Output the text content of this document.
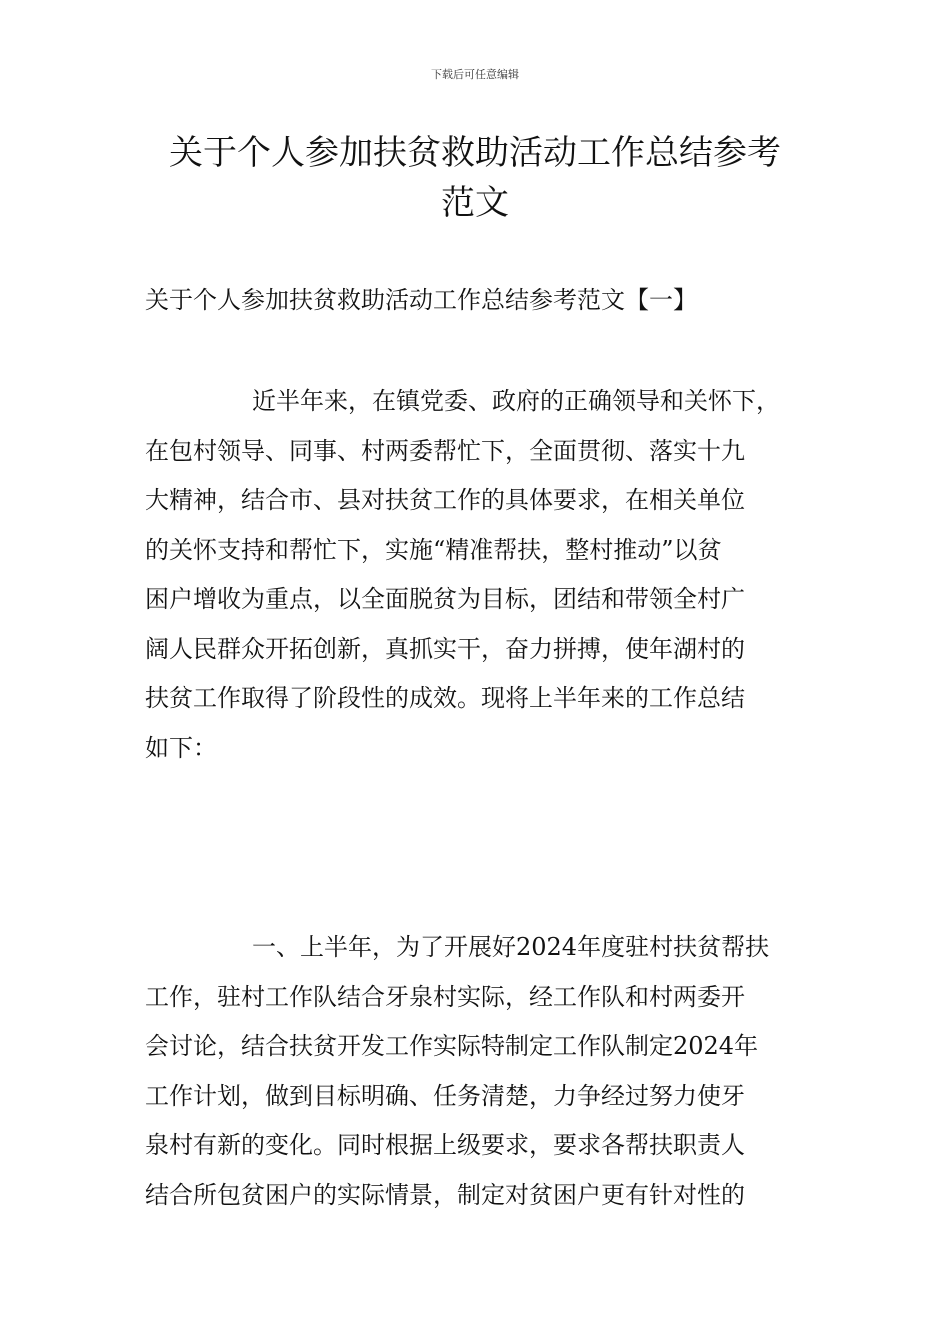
下载后可任意编辑
关于个人参加扶贫救助活动工作总结参考
范文
关于个人参加扶贫救助活动工作总结参考范文【一】

近半年来，在镇党委、政府的正确领导和关怀下，
在包村领导、同事、村两委帮忙下，全面贯彻、落实十九
大精神，结合市、县对扶贫工作的具体要求，在相关单位
的关怀支持和帮忙下，实施“精准帮扶，整村推动”以贫
困户增收为重点，以全面脱贫为目标，团结和带领全村广
阔人民群众开拓创新，真抓实干，奋力拼搏，使年湖村的
扶贫工作取得了阶段性的成效。现将上半年来的工作总结
如下：

一、上半年，为了开展好2024年度驻村扶贫帮扶
工作，驻村工作队结合牙泉村实际，经工作队和村两委开
会讨论，结合扶贫开发工作实际特制定工作队制定2024年
工作计划，做到目标明确、任务清楚，力争经过努力使牙
泉村有新的变化。同时根据上级要求，要求各帮扶职责人
结合所包贫困户的实际情景，制定对贫困户更有针对性的
